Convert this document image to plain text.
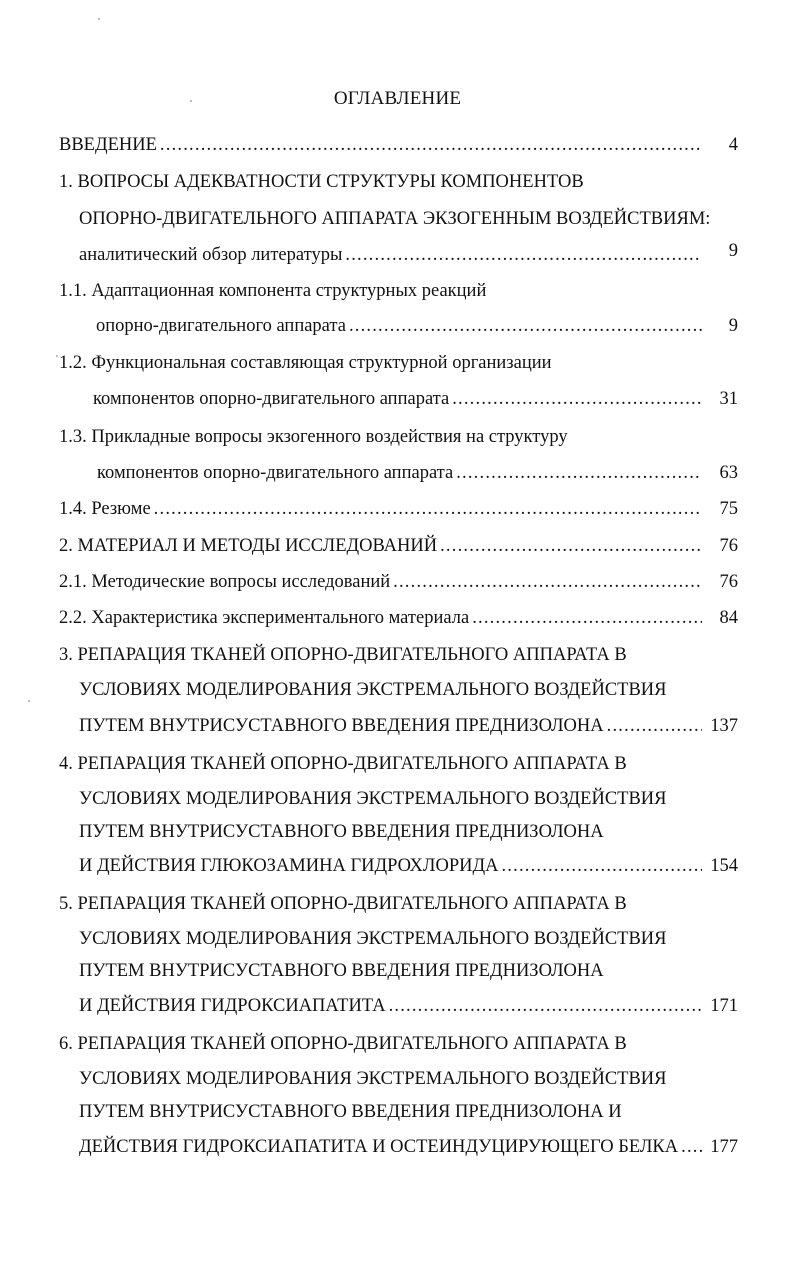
ОГЛАВЛЕНИЕ
ВВЕДЕНИЕ .....	4
1. ВОПРОСЫ АДЕКВАТНОСТИ СТРУКТУРЫ КОМПОНЕНТОВ
ОПОРНО-ДВИГАТЕЛЬНОГО АППАРАТА ЭКЗОГЕННЫМ ВОЗДЕЙСТВИЯМ:
аналитический обзор литературы .....	9
1.1. Адаптационная компонента структурных реакций
опорно-двигательного аппарата .....	9
1.2. Функциональная составляющая структурной организации
компонентов опорно-двигательного аппарата .....	31
1.3. Прикладные вопросы экзогенного воздействия на структуру
компонентов опорно-двигательного аппарата .....	63
1.4. Резюме .....	75
2. МАТЕРИАЛ И МЕТОДЫ ИССЛЕДОВАНИЙ .....	76
2.1. Методические вопросы исследований .....	76
2.2. Характеристика экспериментального материала .....	84
3. РЕПАРАЦИЯ ТКАНЕЙ ОПОРНО-ДВИГАТЕЛЬНОГО АППАРАТА В
УСЛОВИЯХ МОДЕЛИРОВАНИЯ ЭКСТРЕМАЛЬНОГО ВОЗДЕЙСТВИЯ
ПУТЕМ ВНУТРИСУСТАВНОГО ВВЕДЕНИЯ ПРЕДНИЗОЛОНА .....	137
4. РЕПАРАЦИЯ ТКАНЕЙ ОПОРНО-ДВИГАТЕЛЬНОГО АППАРАТА В
УСЛОВИЯХ МОДЕЛИРОВАНИЯ ЭКСТРЕМАЛЬНОГО ВОЗДЕЙСТВИЯ
ПУТЕМ ВНУТРИСУСТАВНОГО ВВЕДЕНИЯ ПРЕДНИЗОЛОНА
И ДЕЙСТВИЯ ГЛЮКОЗАМИНА ГИДРОХЛОРИДА .....	154
5. РЕПАРАЦИЯ ТКАНЕЙ ОПОРНО-ДВИГАТЕЛЬНОГО АППАРАТА В
УСЛОВИЯХ МОДЕЛИРОВАНИЯ ЭКСТРЕМАЛЬНОГО ВОЗДЕЙСТВИЯ
ПУТЕМ ВНУТРИСУСТАВНОГО ВВЕДЕНИЯ ПРЕДНИЗОЛОНА
И ДЕЙСТВИЯ ГИДРОКСИАПАТИТА .....	171
6. РЕПАРАЦИЯ ТКАНЕЙ ОПОРНО-ДВИГАТЕЛЬНОГО АППАРАТА В
УСЛОВИЯХ МОДЕЛИРОВАНИЯ ЭКСТРЕМАЛЬНОГО ВОЗДЕЙСТВИЯ
ПУТЕМ ВНУТРИСУСТАВНОГО ВВЕДЕНИЯ ПРЕДНИЗОЛОНА И
ДЕЙСТВИЯ ГИДРОКСИАПАТИТА И ОСТЕИНДУЦИРУЮЩЕГО БЕЛКА ..... 177
